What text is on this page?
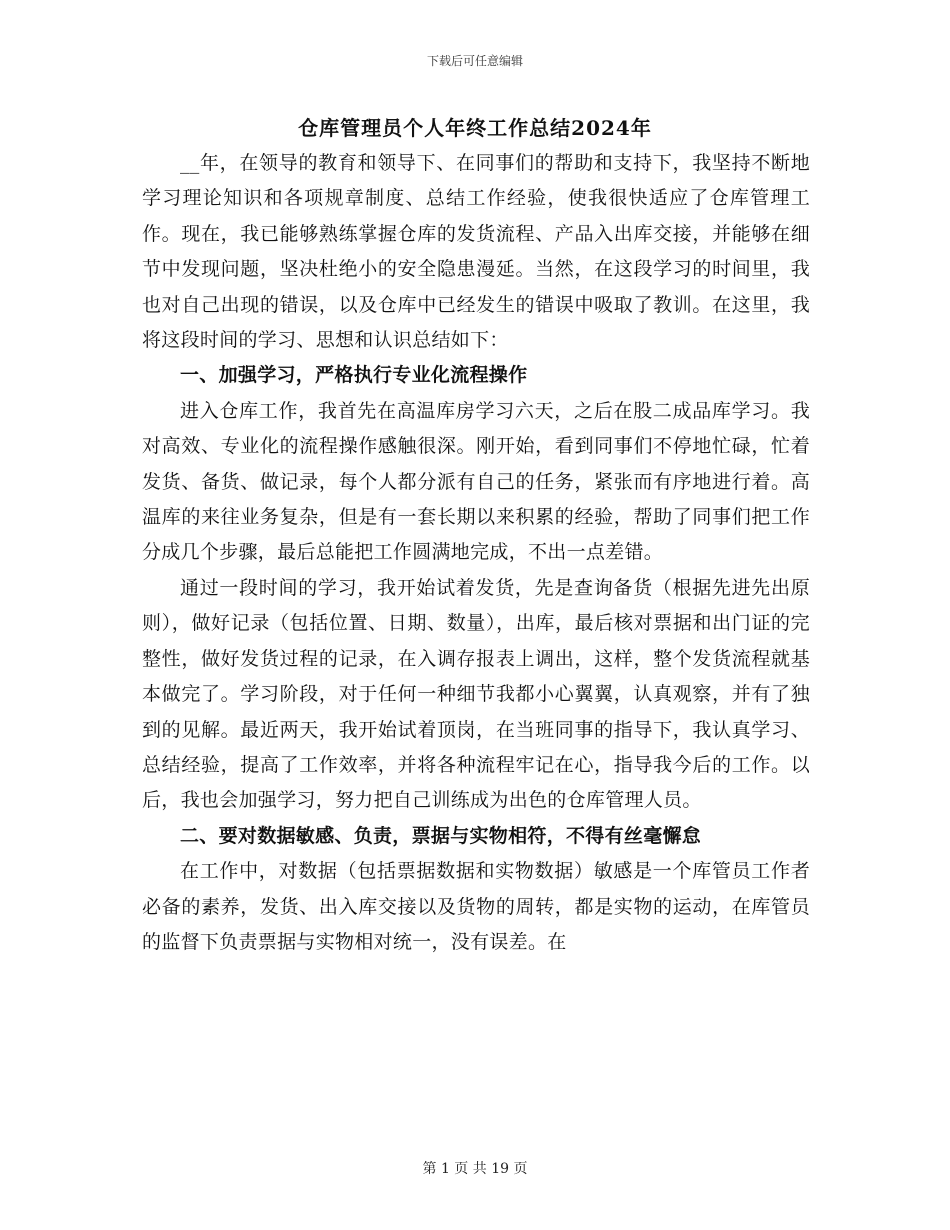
下载后可任意编辑
仓库管理员个人年终工作总结2024年

__年，在领导的教育和领导下、在同事们的帮助和支持下，我坚持不断地学习理论知识和各项规章制度、总结工作经验，使我很快适应了仓库管理工作。现在，我已能够熟练掌握仓库的发货流程、产品入出库交接，并能够在细节中发现问题，坚决杜绝小的安全隐患漫延。当然，在这段学习的时间里，我也对自己出现的错误，以及仓库中已经发生的错误中吸取了教训。在这里，我将这段时间的学习、思想和认识总结如下：

一、加强学习，严格执行专业化流程操作

进入仓库工作，我首先在高温库房学习六天，之后在股二成品库学习。我对高效、专业化的流程操作感触很深。刚开始，看到同事们不停地忙碌，忙着发货、备货、做记录，每个人都分派有自己的任务，紧张而有序地进行着。高温库的来往业务复杂，但是有一套长期以来积累的经验，帮助了同事们把工作分成几个步骤，最后总能把工作圆满地完成，不出一点差错。

通过一段时间的学习，我开始试着发货，先是查询备货（根据先进先出原则），做好记录（包括位置、日期、数量），出库，最后核对票据和出门证的完整性，做好发货过程的记录，在入调存报表上调出，这样，整个发货流程就基本做完了。学习阶段，对于任何一种细节我都小心翼翼，认真观察，并有了独到的见解。最近两天，我开始试着顶岗，在当班同事的指导下，我认真学习、总结经验，提高了工作效率，并将各种流程牢记在心，指导我今后的工作。以后，我也会加强学习，努力把自己训练成为出色的仓库管理人员。

二、要对数据敏感、负责，票据与实物相符，不得有丝毫懈怠

在工作中，对数据（包括票据数据和实物数据）敏感是一个库管员工作者必备的素养，发货、出入库交接以及货物的周转，都是实物的运动，在库管员的监督下负责票据与实物相对统一，没有误差。在

第 1 页 共 19 页
